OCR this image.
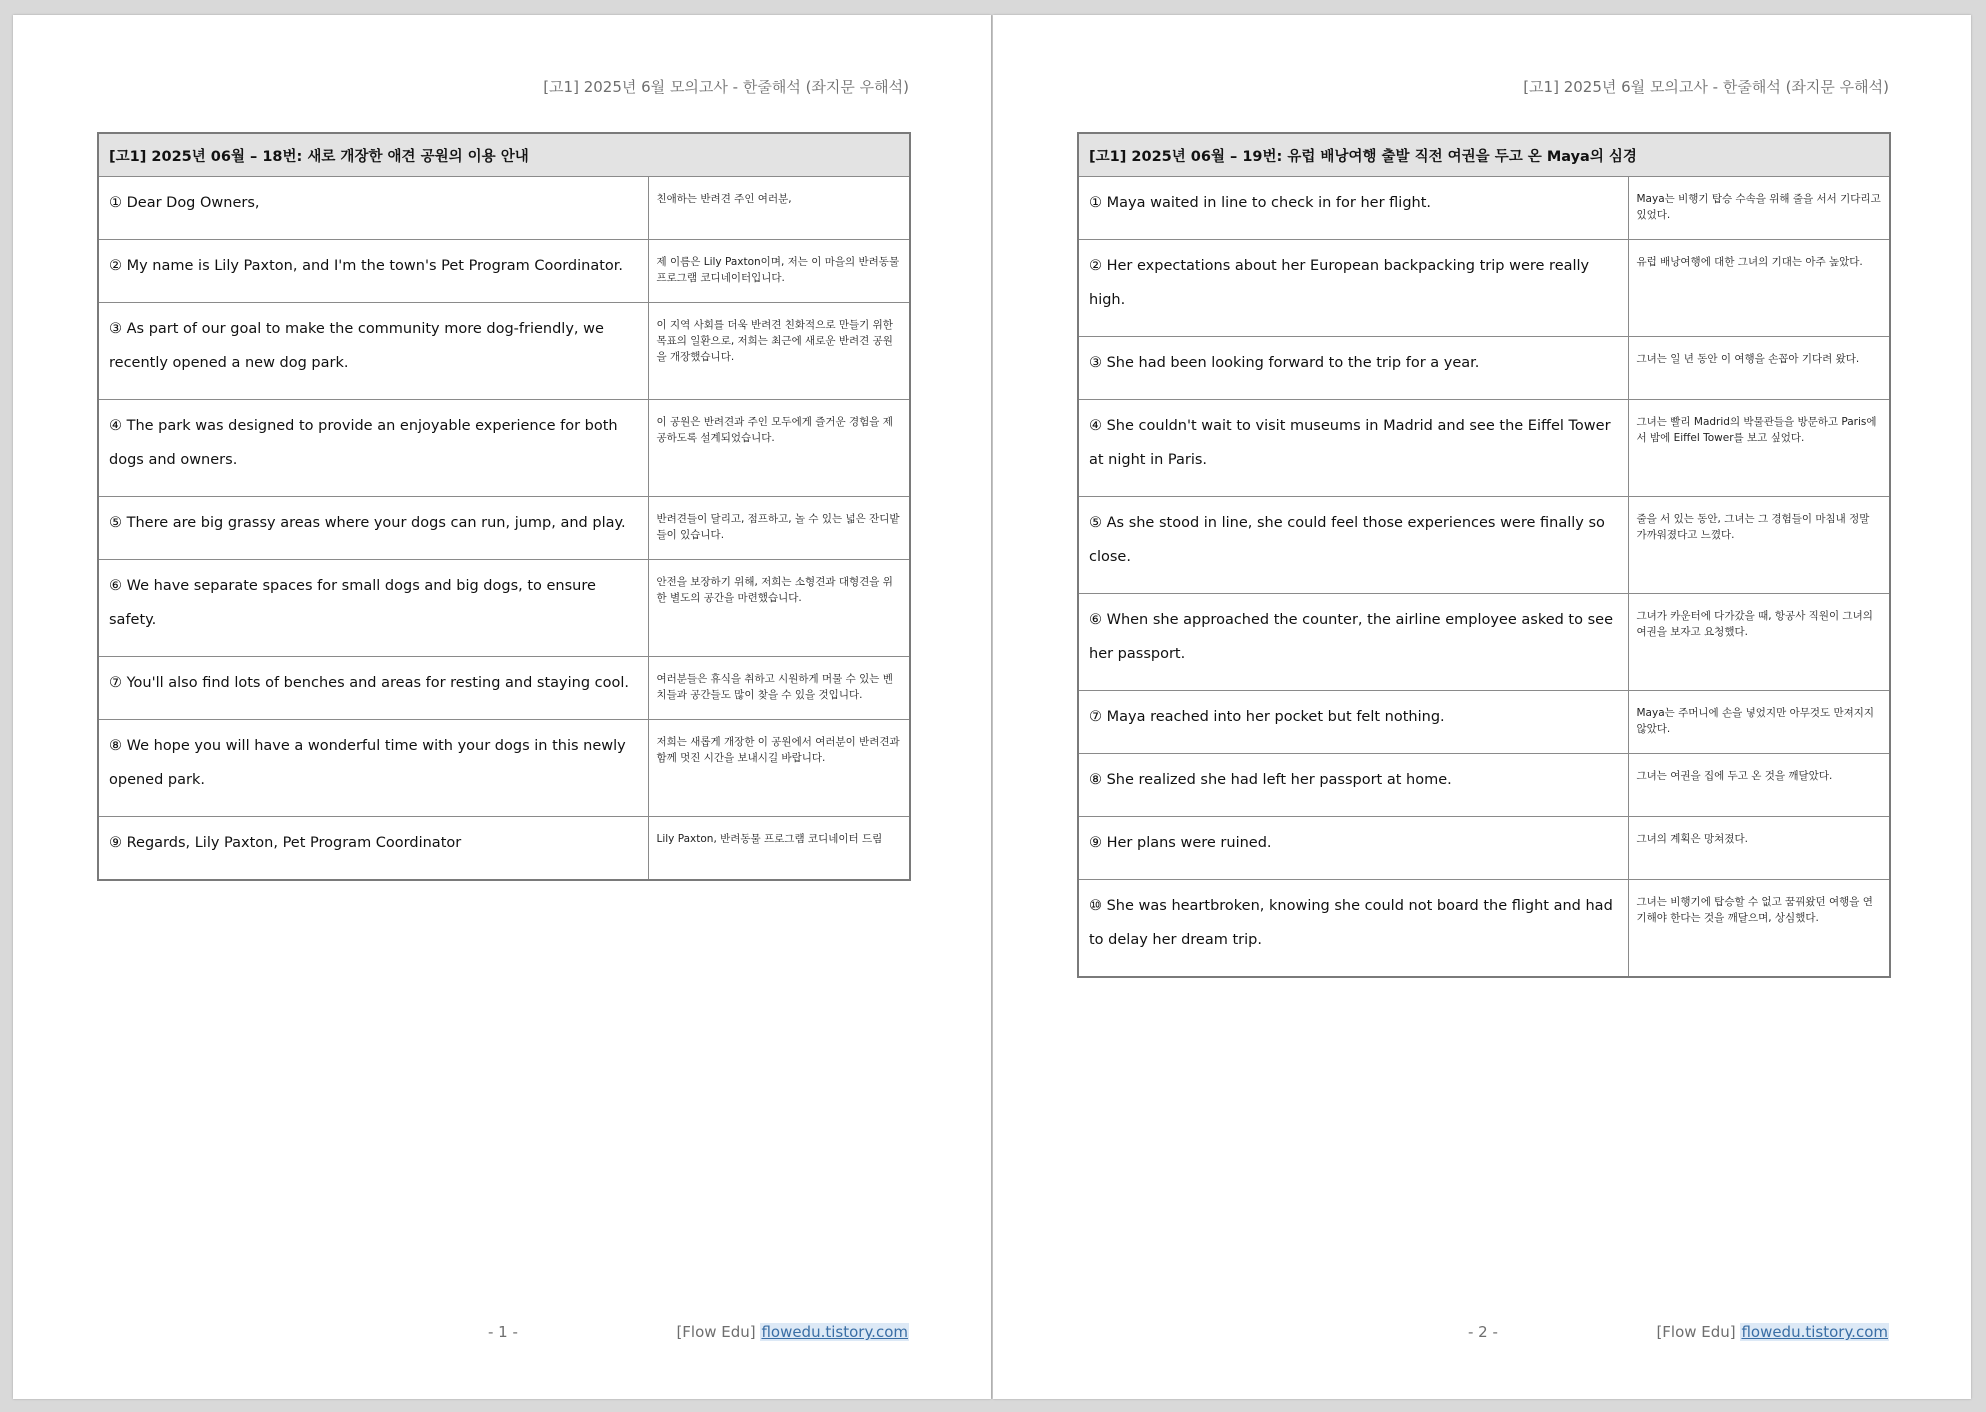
[고1] 2025년 6월 모의고사 - 한줄해석 (좌지문 우해석)
[고1] 2025년 06월 – 18번: 새로 개장한 애견 공원의 이용 안내	
① Dear Dog Owners,	친애하는 반려견 주인 여러분,
② My name is Lily Paxton, and I'm the town's Pet Program Coordinator.	제 이름은 Lily Paxton이며, 저는 이 마을의 반려동물 프로그램 코디네이터입니다.
③ As part of our goal to make the community more dog-friendly, we recently opened a new dog park.	이 지역 사회를 더욱 반려견 친화적으로 만들기 위한 목표의 일환으로, 저희는 최근에 새로운 반려견 공원을 개장했습니다.
④ The park was designed to provide an enjoyable experience for both dogs and owners.	이 공원은 반려견과 주인 모두에게 즐거운 경험을 제공하도록 설계되었습니다.
⑤ There are big grassy areas where your dogs can run, jump, and play.	반려견들이 달리고, 점프하고, 놀 수 있는 넓은 잔디밭들이 있습니다.
⑥ We have separate spaces for small dogs and big dogs, to ensure safety.	안전을 보장하기 위해, 저희는 소형견과 대형견을 위한 별도의 공간을 마련했습니다.
⑦ You'll also find lots of benches and areas for resting and staying cool.	여러분들은 휴식을 취하고 시원하게 머물 수 있는 벤치들과 공간들도 많이 찾을 수 있을 것입니다.
⑧ We hope you will have a wonderful time with your dogs in this newly opened park.	저희는 새롭게 개장한 이 공원에서 여러분이 반려견과 함께 멋진 시간을 보내시길 바랍니다.
⑨ Regards, Lily Paxton, Pet Program Coordinator	Lily Paxton, 반려동물 프로그램 코디네이터 드림
- 1 -	[Flow Edu] flowedu.tistory.com
[고1] 2025년 6월 모의고사 - 한줄해석 (좌지문 우해석)
[고1] 2025년 06월 – 19번: 유럽 배낭여행 출발 직전 여권을 두고 온 Maya의 심경	
① Maya waited in line to check in for her flight.	Maya는 비행기 탑승 수속을 위해 줄을 서서 기다리고 있었다.
② Her expectations about her European backpacking trip were really high.	유럽 배낭여행에 대한 그녀의 기대는 아주 높았다.
③ She had been looking forward to the trip for a year.	그녀는 일 년 동안 이 여행을 손꼽아 기다려 왔다.
④ She couldn't wait to visit museums in Madrid and see the Eiffel Tower at night in Paris.	그녀는 빨리 Madrid의 박물관들을 방문하고 Paris에서 밤에 Eiffel Tower를 보고 싶었다.
⑤ As she stood in line, she could feel those experiences were finally so close.	줄을 서 있는 동안, 그녀는 그 경험들이 마침내 정말 가까워졌다고 느꼈다.
⑥ When she approached the counter, the airline employee asked to see her passport.	그녀가 카운터에 다가갔을 때, 항공사 직원이 그녀의 여권을 보자고 요청했다.
⑦ Maya reached into her pocket but felt nothing.	Maya는 주머니에 손을 넣었지만 아무것도 만져지지 않았다.
⑧ She realized she had left her passport at home.	그녀는 여권을 집에 두고 온 것을 깨달았다.
⑨ Her plans were ruined.	그녀의 계획은 망쳐졌다.
⑩ She was heartbroken, knowing she could not board the flight and had to delay her dream trip.	그녀는 비행기에 탑승할 수 없고 꿈꿔왔던 여행을 연기해야 한다는 것을 깨달으며, 상심했다.
- 2 -	[Flow Edu] flowedu.tistory.com
